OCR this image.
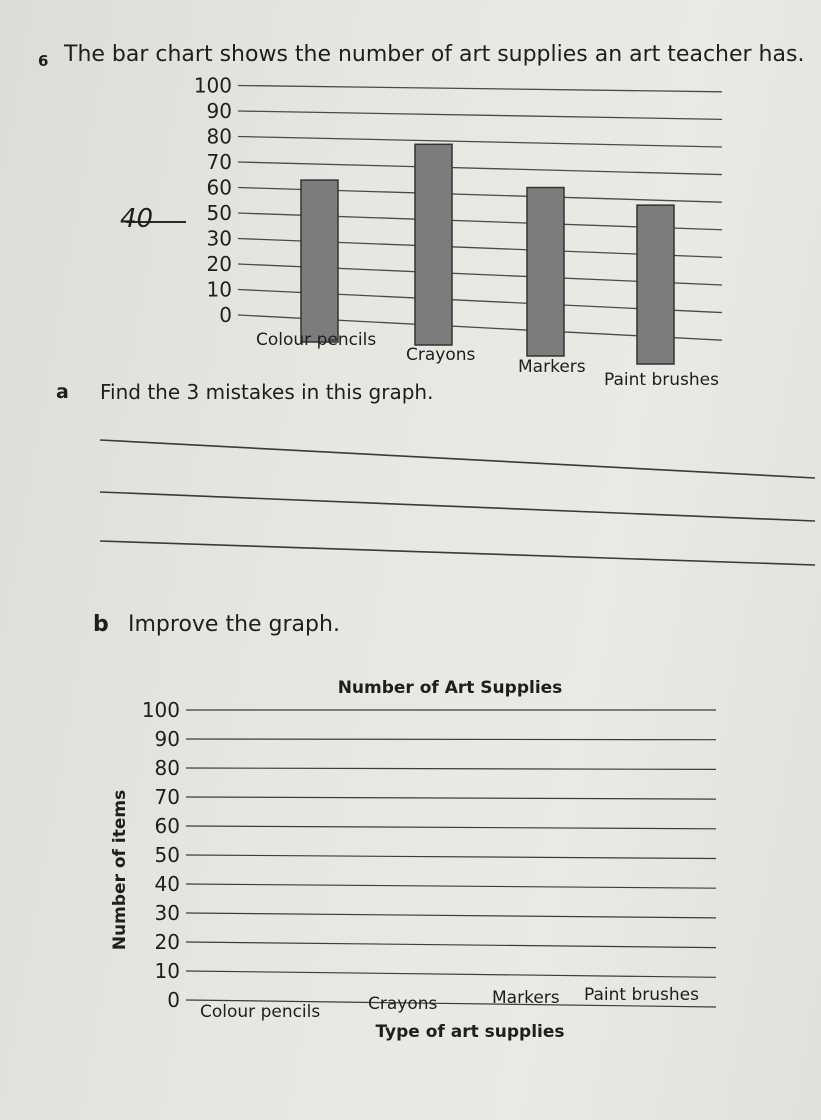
6 The bar chart shows the number of art supplies an art teacher has.
0
10
20
30
50
60
70
80
90
100
Colour pencils
Crayons
Markers
Paint brushes
40
a Find the 3 mistakes in this graph.
b Improve the graph.
Number of Art Supplies
0
10
20
30
40
50
60
70
80
90
100
Colour pencils	Crayons	Markers Paint brushes
Number of items
Type of art supplies
